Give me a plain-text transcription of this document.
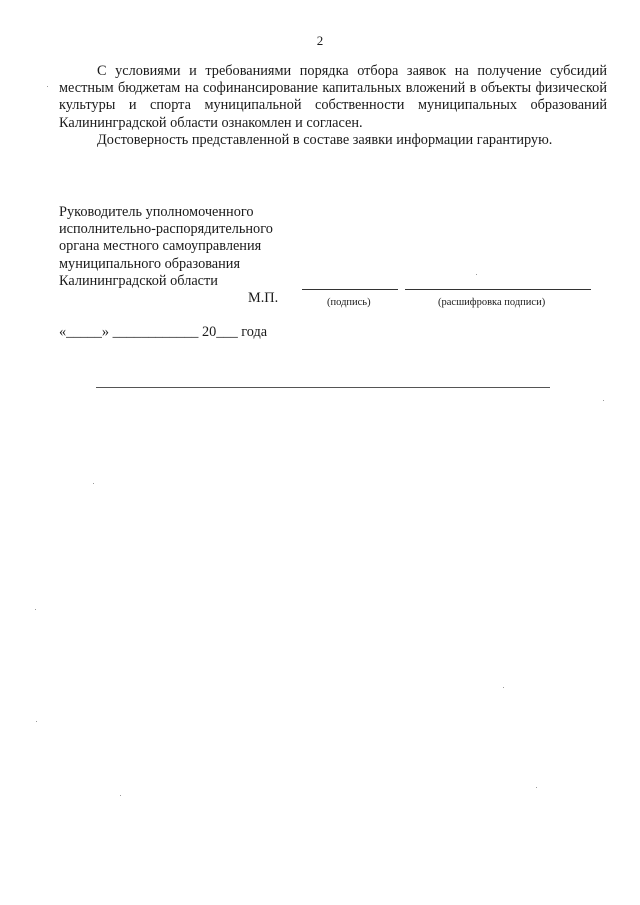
2

С условиями и требованиями порядка отбора заявок на получение субсидий местным бюджетам на софинансирование капитальных вложений в объекты физической культуры и спорта муниципальной собственности муниципальных образований Калининградской области ознакомлен и согласен.

Достоверность представленной в составе заявки информации гарантирую.

Руководитель уполномоченного
исполнительно-распорядительного
органа местного самоуправления
муниципального образования
Калининградской области
М.П.	(подпись)	(расшифровка подписи)
«_____» ____________ 20___ года
